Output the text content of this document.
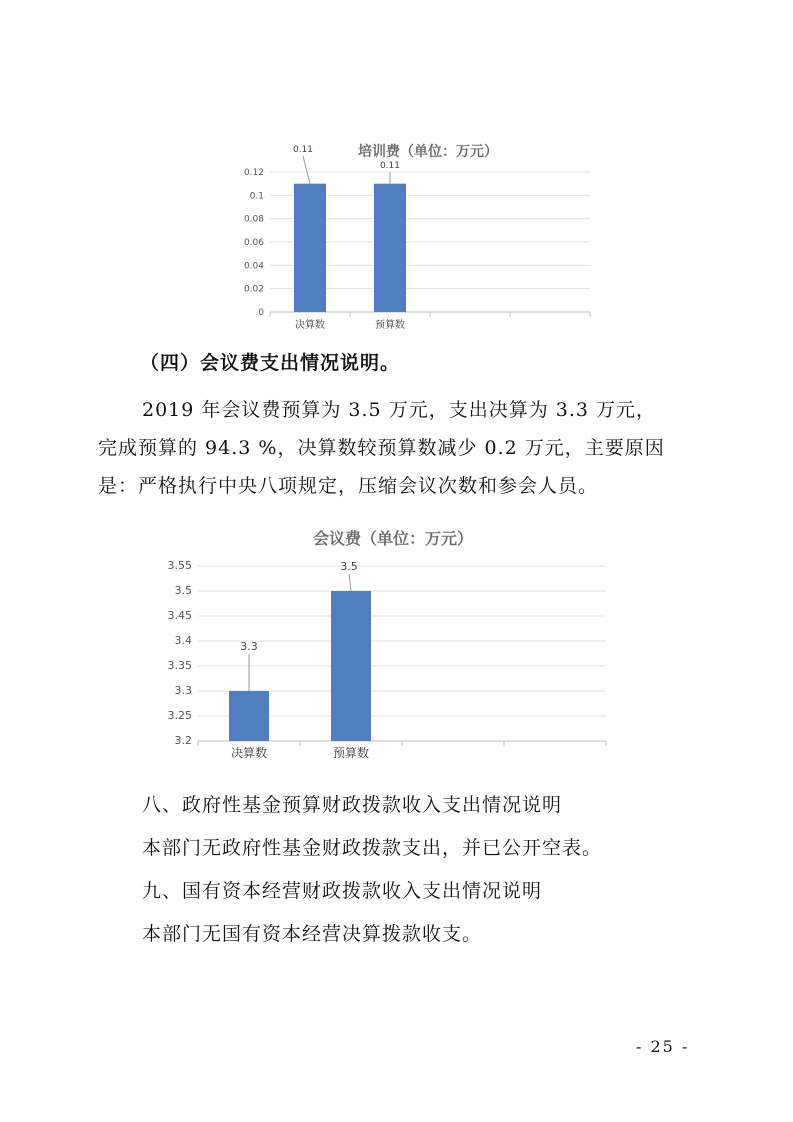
培训费（单位：万元）
0
0.02
0.04
0.06
0.08
0.1
0.12
0.11
决算数
0.11
预算数
（四）会议费支出情况说明。
2019 年会议费预算为 3.5 万元，支出决算为 3.3 万元，
完成预算的 94.3 %，决算数较预算数减少 0.2 万元，主要原因
是：严格执行中央八项规定，压缩会议次数和参会人员。
会议费（单位：万元）
3.2
3.25
3.3
3.35
3.4
3.45
3.5
3.55
3.3
决算数
3.5
预算数
八、政府性基金预算财政拨款收入支出情况说明
本部门无政府性基金财政拨款支出，并已公开空表。
九、国有资本经营财政拨款收入支出情况说明
本部门无国有资本经营决算拨款收支。
- 25 -
